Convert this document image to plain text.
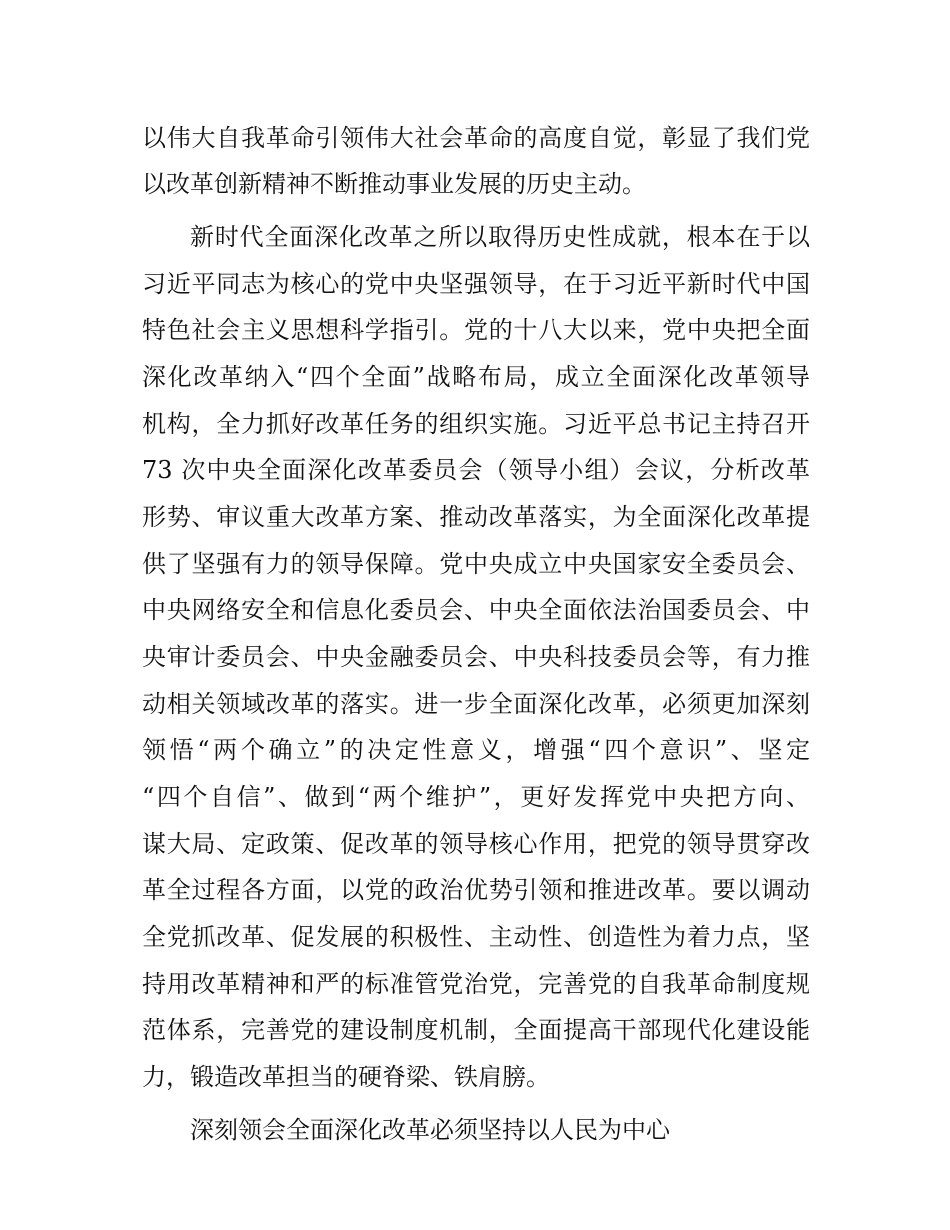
以伟大自我革命引领伟大社会革命的高度自觉，彰显了我们党

以改革创新精神不断推动事业发展的历史主动。

新时代全面深化改革之所以取得历史性成就，根本在于以

习近平同志为核心的党中央坚强领导，在于习近平新时代中国

特色社会主义思想科学指引。党的十八大以来，党中央把全面

深化改革纳入“四个全面”战略布局，成立全面深化改革领导

机构，全力抓好改革任务的组织实施。习近平总书记主持召开

73 次中央全面深化改革委员会（领导小组）会议，分析改革

形势、审议重大改革方案、推动改革落实，为全面深化改革提

供了坚强有力的领导保障。党中央成立中央国家安全委员会、

中央网络安全和信息化委员会、中央全面依法治国委员会、中

央审计委员会、中央金融委员会、中央科技委员会等，有力推

动相关领域改革的落实。进一步全面深化改革，必须更加深刻

领悟“两个确立”的决定性意义，增强“四个意识”、坚定

“四个自信”、做到“两个维护”，更好发挥党中央把方向、

谋大局、定政策、促改革的领导核心作用，把党的领导贯穿改

革全过程各方面，以党的政治优势引领和推进改革。要以调动

全党抓改革、促发展的积极性、主动性、创造性为着力点，坚

持用改革精神和严的标准管党治党，完善党的自我革命制度规

范体系，完善党的建设制度机制，全面提高干部现代化建设能

力，锻造改革担当的硬脊梁、铁肩膀。

深刻领会全面深化改革必须坚持以人民为中心
